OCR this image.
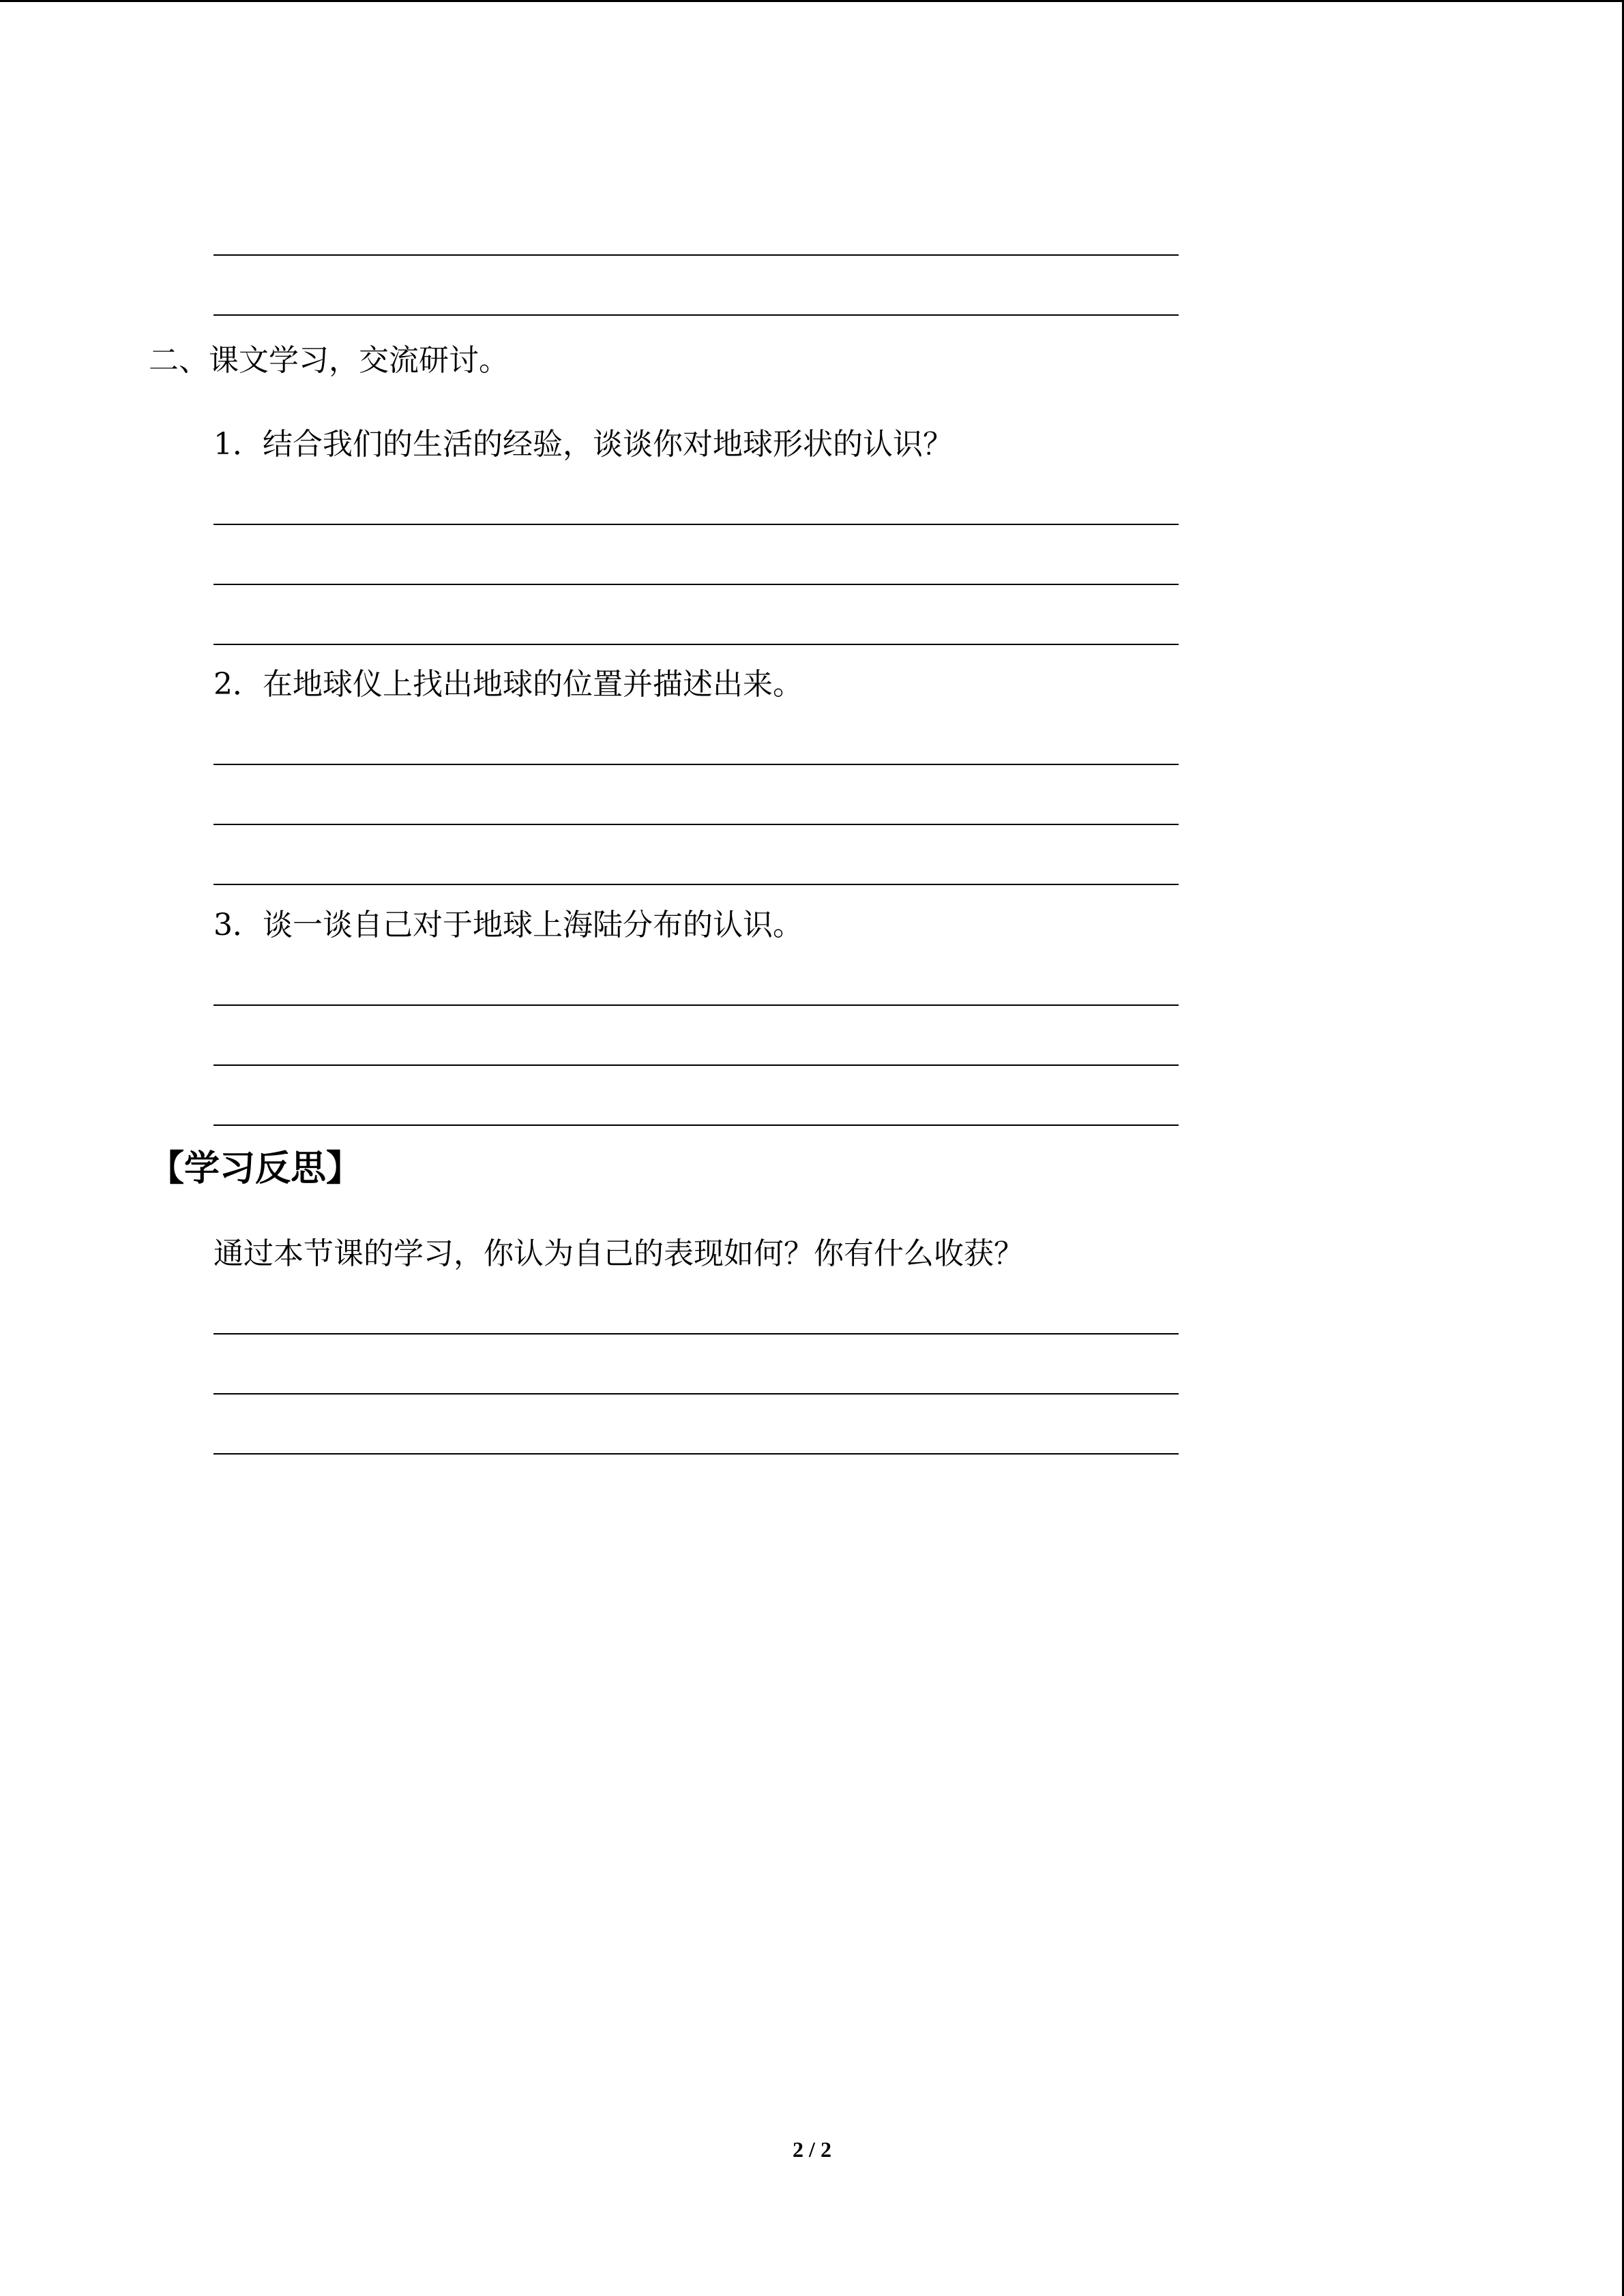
二、课文学习，交流研讨。
1．结合我们的生活的经验，谈谈你对地球形状的认识？
2．在地球仪上找出地球的位置并描述出来。
3．谈一谈自己对于地球上海陆分布的认识。
【学习反思】
通过本节课的学习，你认为自己的表现如何？你有什么收获？
2 / 2
